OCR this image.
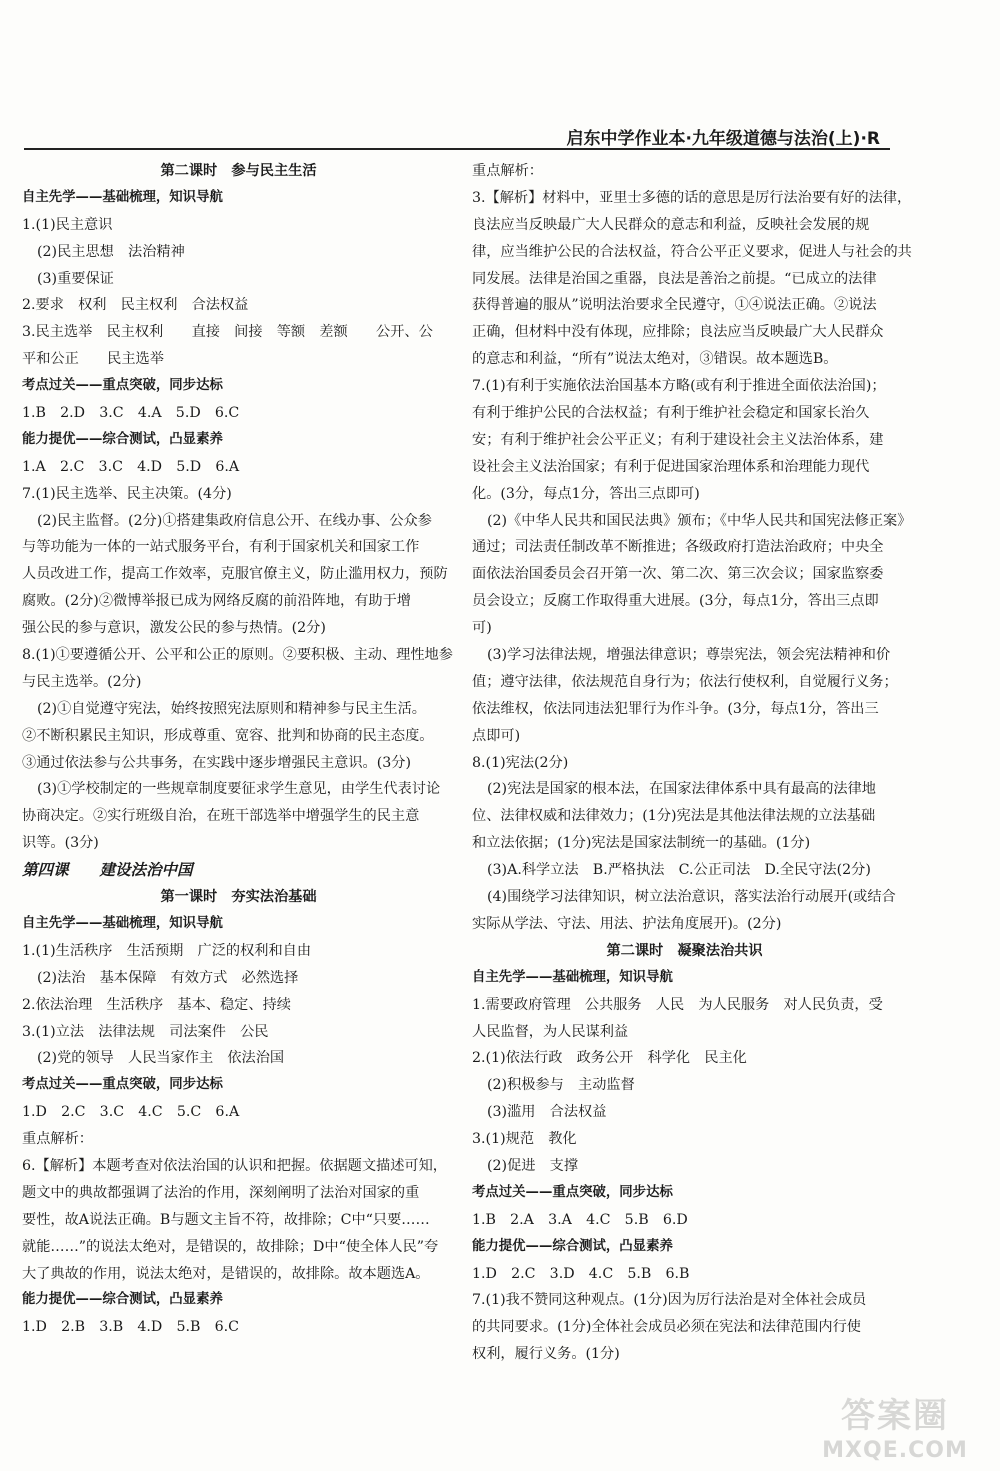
启东中学作业本·九年级道德与法治(上)·R
第二课时　参与民主生活
自主先学——基础梳理，知识导航
1.(1)民主意识
(2)民主思想　法治精神
(3)重要保证
2.要求　权利　民主权利　合法权益
3.民主选举　民主权利　　直接　间接　等额　差额　　公开、公
平和公正　　民主选举
考点过关——重点突破，同步达标
1.B　2.D　3.C　4.A　5.D　6.C
能力提优——综合测试，凸显素养
1.A　2.C　3.C　4.D　5.D　6.A
7.(1)民主选举、民主决策。(4分)
(2)民主监督。(2分)①搭建集政府信息公开、在线办事、公众参
与等功能为一体的一站式服务平台，有利于国家机关和国家工作
人员改进工作，提高工作效率，克服官僚主义，防止滥用权力，预防
腐败。(2分)②微博举报已成为网络反腐的前沿阵地，有助于增
强公民的参与意识，激发公民的参与热情。(2分)
8.(1)①要遵循公开、公平和公正的原则。②要积极、主动、理性地参
与民主选举。(2分)
(2)①自觉遵守宪法，始终按照宪法原则和精神参与民主生活。
②不断积累民主知识，形成尊重、宽容、批判和协商的民主态度。
③通过依法参与公共事务，在实践中逐步增强民主意识。(3分)
(3)①学校制定的一些规章制度要征求学生意见，由学生代表讨论
协商决定。②实行班级自治，在班干部选举中增强学生的民主意
识等。(3分)
第四课　　建设法治中国
第一课时　夯实法治基础
自主先学——基础梳理，知识导航
1.(1)生活秩序　生活预期　广泛的权利和自由
(2)法治　基本保障　有效方式　必然选择
2.依法治理　生活秩序　基本、稳定、持续
3.(1)立法　法律法规　司法案件　公民
(2)党的领导　人民当家作主　依法治国
考点过关——重点突破，同步达标
1.D　2.C　3.C　4.C　5.C　6.A
重点解析：
6.【解析】本题考查对依法治国的认识和把握。依据题文描述可知，
题文中的典故都强调了法治的作用，深刻阐明了法治对国家的重
要性，故A说法正确。B与题文主旨不符，故排除；C中“只要……
就能……”的说法太绝对，是错误的，故排除；D中“使全体人民”夸
大了典故的作用，说法太绝对，是错误的，故排除。故本题选A。
能力提优——综合测试，凸显素养
1.D　2.B　3.B　4.D　5.B　6.C
重点解析：
3.【解析】材料中，亚里士多德的话的意思是厉行法治要有好的法律，
良法应当反映最广大人民群众的意志和利益，反映社会发展的规
律，应当维护公民的合法权益，符合公平正义要求，促进人与社会的共
同发展。法律是治国之重器，良法是善治之前提。“已成立的法律
获得普遍的服从”说明法治要求全民遵守，①④说法正确。②说法
正确，但材料中没有体现，应排除；良法应当反映最广大人民群众
的意志和利益，“所有”说法太绝对，③错误。故本题选B。
7.(1)有利于实施依法治国基本方略(或有利于推进全面依法治国)；
有利于维护公民的合法权益；有利于维护社会稳定和国家长治久
安；有利于维护社会公平正义；有利于建设社会主义法治体系，建
设社会主义法治国家；有利于促进国家治理体系和治理能力现代
化。(3分，每点1分，答出三点即可)
(2)《中华人民共和国民法典》颁布；《中华人民共和国宪法修正案》
通过；司法责任制改革不断推进；各级政府打造法治政府；中央全
面依法治国委员会召开第一次、第二次、第三次会议；国家监察委
员会设立；反腐工作取得重大进展。(3分，每点1分，答出三点即
可)
(3)学习法律法规，增强法律意识；尊崇宪法，领会宪法精神和价
值；遵守法律，依法规范自身行为；依法行使权利，自觉履行义务；
依法维权，依法同违法犯罪行为作斗争。(3分，每点1分，答出三
点即可)
8.(1)宪法(2分)
(2)宪法是国家的根本法，在国家法律体系中具有最高的法律地
位、法律权威和法律效力；(1分)宪法是其他法律法规的立法基础
和立法依据；(1分)宪法是国家法制统一的基础。(1分)
(3)A.科学立法　B.严格执法　C.公正司法　D.全民守法(2分)
(4)围绕学习法律知识，树立法治意识，落实法治行动展开(或结合
实际从学法、守法、用法、护法角度展开)。(2分)
第二课时　凝聚法治共识
自主先学——基础梳理，知识导航
1.需要政府管理　公共服务　人民　为人民服务　对人民负责，受
人民监督，为人民谋利益
2.(1)依法行政　政务公开　科学化　民主化
(2)积极参与　主动监督
(3)滥用　合法权益
3.(1)规范　教化
(2)促进　支撑
考点过关——重点突破，同步达标
1.B　2.A　3.A　4.C　5.B　6.D
能力提优——综合测试，凸显素养
1.D　2.C　3.D　4.C　5.B　6.B
7.(1)我不赞同这种观点。(1分)因为厉行法治是对全体社会成员
的共同要求。(1分)全体社会成员必须在宪法和法律范围内行使
权利，履行义务。(1分)
答案圈
MXQE.COM
